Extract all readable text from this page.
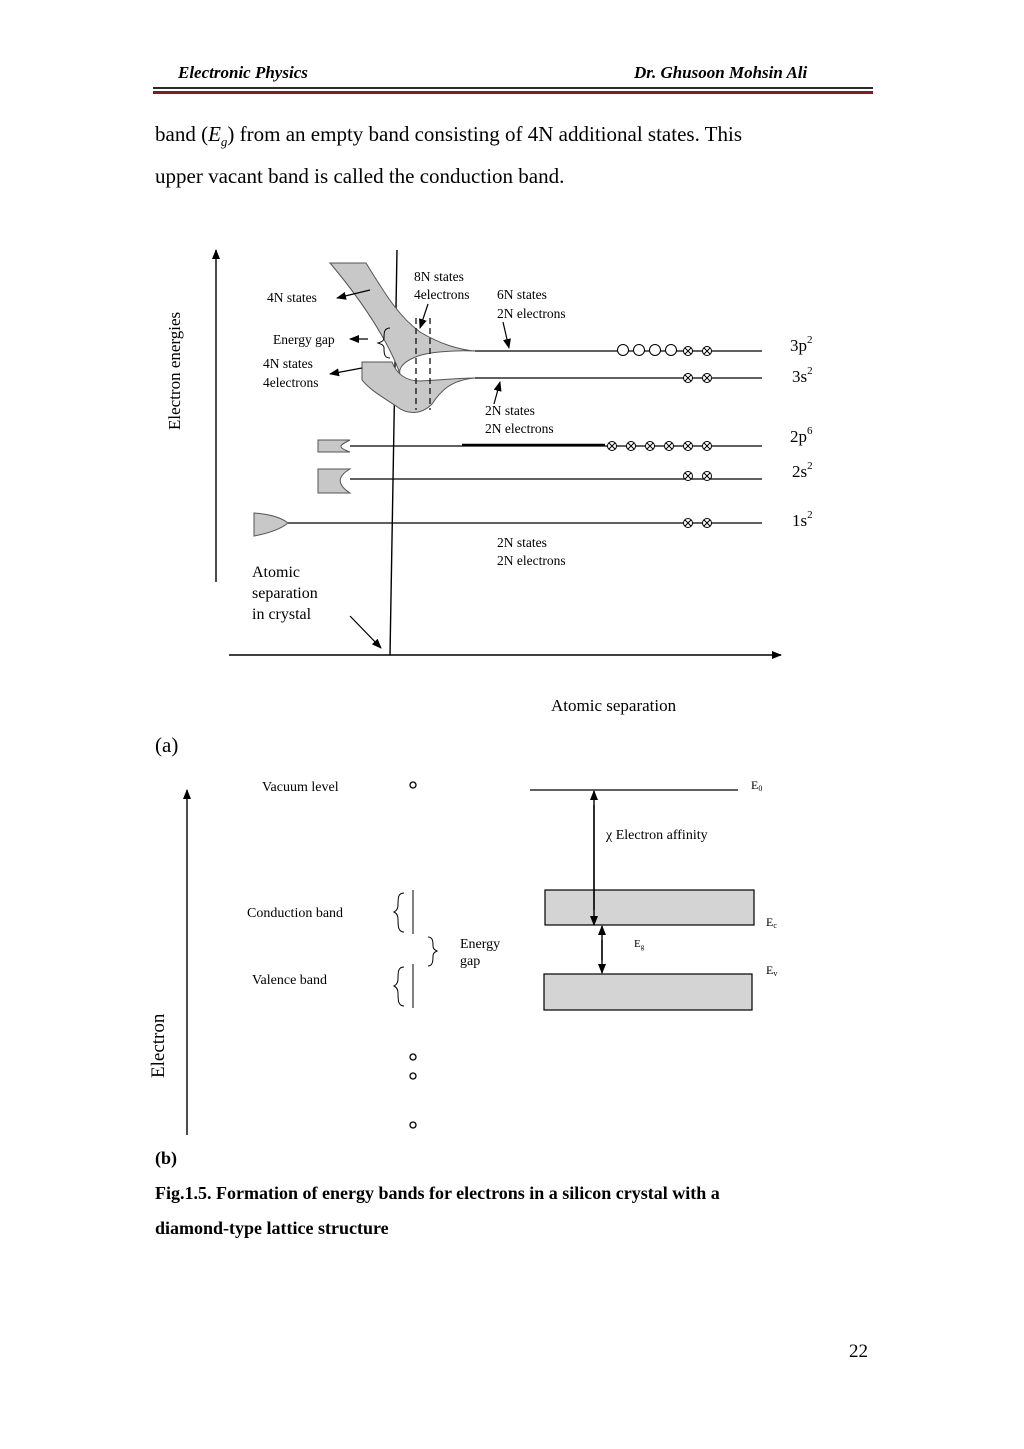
Electronic Physics	Dr. Ghusoon Mohsin Ali
band $(E_g)$ from an empty band consisting of 4N additional states. This
upper vacant band is called the conduction band.
Electron energies
Atomic separation
$3p^2$
$3s^2$
$2p^6$
$2s^2$
$1s^2$
4N states
8N states
4electrons 6N states
2N electrons
Energy gap
4N states
4electrons
2N states
2N electrons
2N states
2N electrons
Atomic
separation
in crystal
(a)
Electron
Vacuum level
Conduction band
Valence band
Energy
gap
χ Electron affinity
E0
Ec
Ev
Eg
(b)
Fig.1.5. Formation of energy bands for electrons in a silicon crystal with a
diamond-type lattice structure
22
